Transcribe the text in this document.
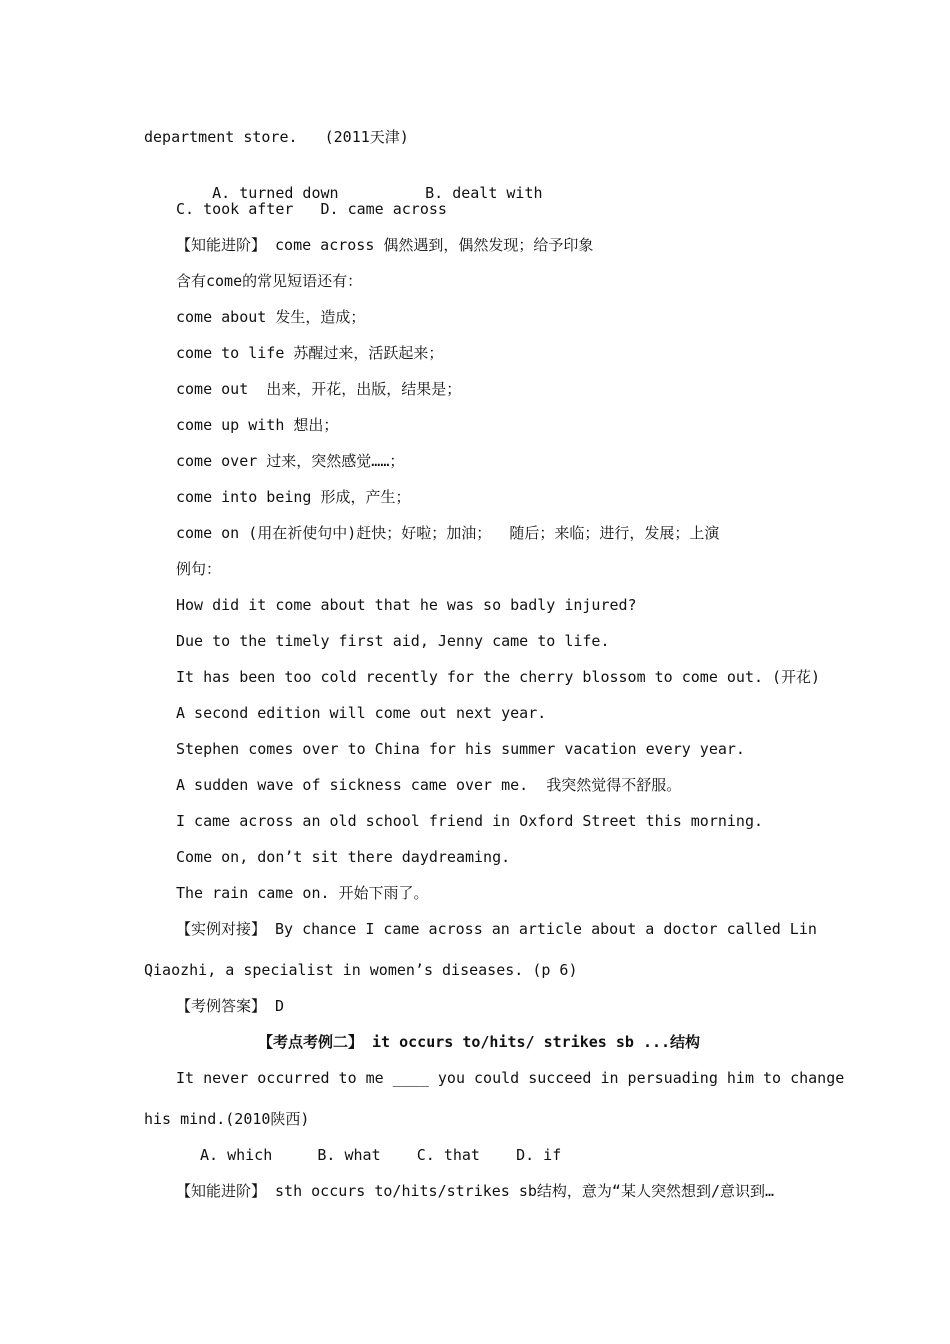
department store.   (2011天津)

A. turned down	B. dealt with

C. took after   D. came across
【知能进阶】 come across 偶然遇到，偶然发现；给予印象
含有come的常见短语还有：
come about 发生，造成；
come to life 苏醒过来，活跃起来；
come out  出来，开花，出版，结果是；
come up with 想出；
come over 过来，突然感觉……；
come into being 形成，产生；
come on (用在祈使句中)赶快；好啦；加油；  随后；来临；进行，发展；上演
例句：
How did it come about that he was so badly injured?
Due to the timely first aid, Jenny came to life.
It has been too cold recently for the cherry blossom to come out. (开花)
A second edition will come out next year.
Stephen comes over to China for his summer vacation every year.
A sudden wave of sickness came over me.  我突然觉得不舒服。
I came across an old school friend in Oxford Street this morning.
Come on, don’t sit there daydreaming.
The rain came on. 开始下雨了。
【实例对接】 By chance I came across an article about a doctor called Lin
Qiaozhi, a specialist in women’s diseases. (p 6)
【考例答案】 D
【考点考例二】 it occurs to/hits/ strikes sb ...结构
It never occurred to me ____ you could succeed in persuading him to change
his mind.(2010陕西)
A. which     B. what    C. that    D. if
【知能进阶】 sth occurs to/hits/strikes sb结构，意为“某人突然想到/意识到…
